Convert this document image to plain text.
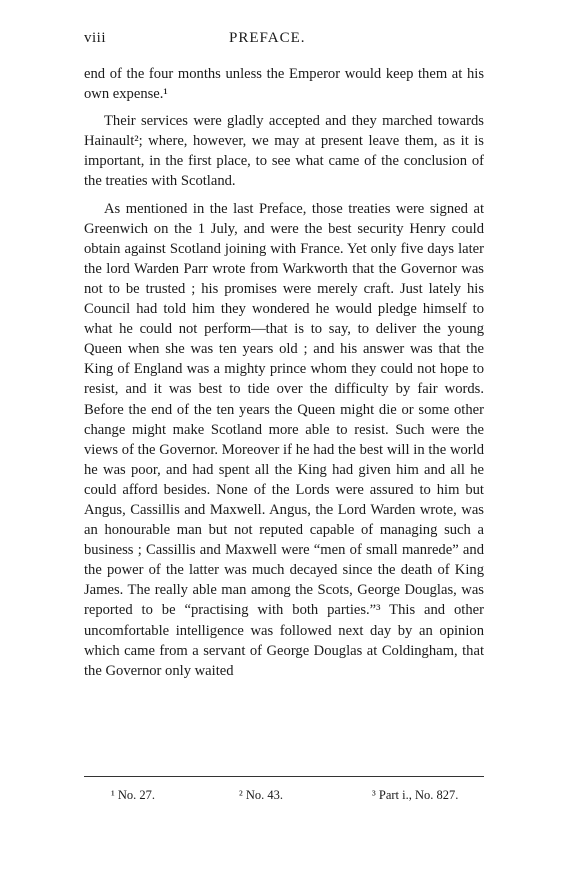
viii	PREFACE.

end of the four months unless the Emperor would keep them at his own expense.¹

Their services were gladly accepted and they marched towards Hainault²; where, however, we may at present leave them, as it is important, in the first place, to see what came of the conclusion of the treaties with Scotland.

As mentioned in the last Preface, those treaties were signed at Greenwich on the 1 July, and were the best security Henry could obtain against Scotland joining with France. Yet only five days later the lord Warden Parr wrote from Warkworth that the Governor was not to be trusted ; his promises were merely craft. Just lately his Council had told him they wondered he would pledge himself to what he could not perform—that is to say, to deliver the young Queen when she was ten years old ; and his answer was that the King of England was a mighty prince whom they could not hope to resist, and it was best to tide over the difficulty by fair words. Before the end of the ten years the Queen might die or some other change might make Scotland more able to resist. Such were the views of the Governor. Moreover if he had the best will in the world he was poor, and had spent all the King had given him and all he could afford besides. None of the Lords were assured to him but Angus, Cassillis and Maxwell. Angus, the Lord Warden wrote, was an honourable man but not reputed capable of managing such a business ; Cassillis and Maxwell were “men of small manrede” and the power of the latter was much decayed since the death of King James. The really able man among the Scots, George Douglas, was reported to be “practising with both parties.”³ This and other uncomfortable intelligence was followed next day by an opinion which came from a servant of George Douglas at Coldingham, that the Governor only waited

¹ No. 27.	² No. 43.	³ Part i., No. 827.
